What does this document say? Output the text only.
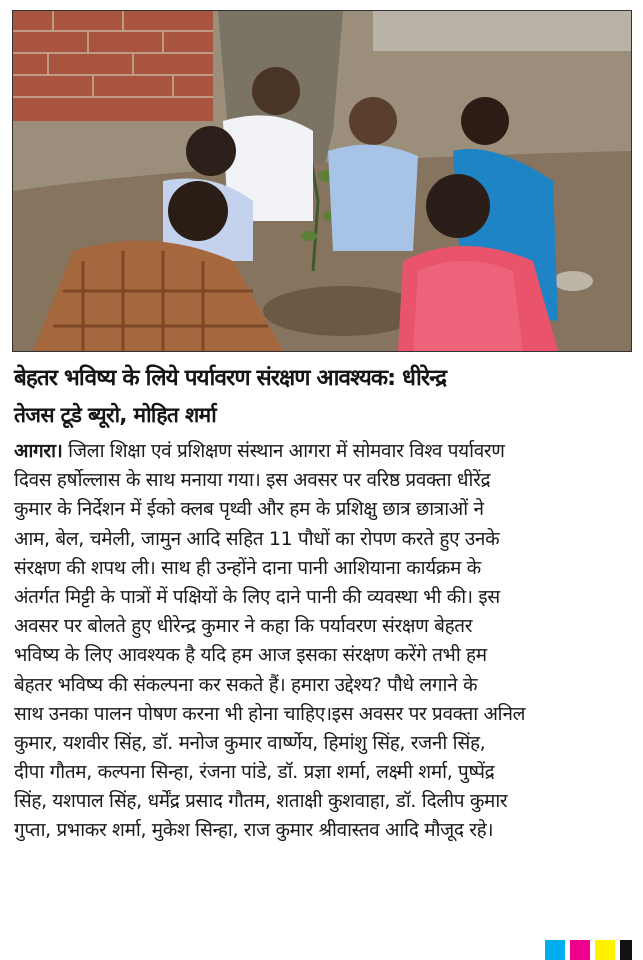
बेहतर भविष्य के लिये पर्यावरण संरक्षण आवश्यक: धीरेन्द्र
तेजस टूडे ब्यूरो, मोहित शर्मा
आगरा। जिला शिक्षा एवं प्रशिक्षण संस्थान आगरा में सोमवार विश्व पर्यावरण
दिवस हर्षोल्लास के साथ मनाया गया। इस अवसर पर वरिष्ठ प्रवक्ता धीरेंद्र
कुमार के निर्देशन में ईको क्लब पृथ्वी और हम के प्रशिक्षु छात्र छात्राओं ने
आम, बेल, चमेली, जामुन आदि सहित 11 पौधों का रोपण करते हुए उनके
संरक्षण की शपथ ली। साथ ही उन्होंने दाना पानी आशियाना कार्यक्रम के
अंतर्गत मिट्टी के पात्रों में पक्षियों के लिए दाने पानी की व्यवस्था भी की। इस
अवसर पर बोलते हुए धीरेन्द्र कुमार ने कहा कि पर्यावरण संरक्षण बेहतर
भविष्य के लिए आवश्यक है यदि हम आज इसका संरक्षण करेंगे तभी हम
बेहतर भविष्य की संकल्पना कर सकते हैं। हमारा उद्देश्य? पौधे लगाने के
साथ उनका पालन पोषण करना भी होना चाहिए।इस अवसर पर प्रवक्ता अनिल
कुमार, यशवीर सिंह, डॉ. मनोज कुमार वार्ष्णेय, हिमांशु सिंह, रजनी सिंह,
दीपा गौतम, कल्पना सिन्हा, रंजना पांडे, डॉ. प्रज्ञा शर्मा, लक्ष्मी शर्मा, पुष्पेंद्र
सिंह, यशपाल सिंह, धर्मेंद्र प्रसाद गौतम, शताक्षी कुशवाहा, डॉ. दिलीप कुमार
गुप्ता, प्रभाकर शर्मा, मुकेश सिन्हा, राज कुमार श्रीवास्तव आदि मौजूद रहे।
